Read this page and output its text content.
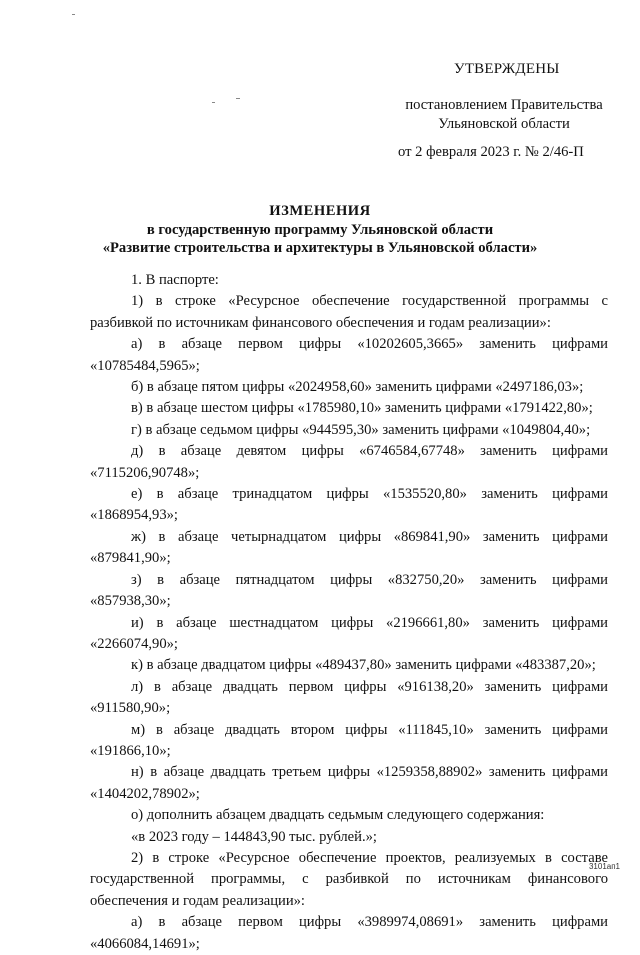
УТВЕРЖДЕНЫ
постановлением Правительства
Ульяновской области
от 2 февраля 2023 г. № 2/46-П
ИЗМЕНЕНИЯ
в государственную программу Ульяновской области
«Развитие строительства и архитектуры в Ульяновской области»
1. В паспорте:
1) в строке «Ресурсное обеспечение государственной программы с разбивкой по источникам финансового обеспечения и годам реализации»:
а) в абзаце первом цифры «10202605,3665» заменить цифрами «10785484,5965»;
б) в абзаце пятом цифры «2024958,60» заменить цифрами «2497186,03»;
в) в абзаце шестом цифры «1785980,10» заменить цифрами «1791422,80»;
г) в абзаце седьмом цифры «944595,30» заменить цифрами «1049804,40»;
д) в абзаце девятом цифры «6746584,67748» заменить цифрами «7115206,90748»;
е) в абзаце тринадцатом цифры «1535520,80» заменить цифрами «1868954,93»;
ж) в абзаце четырнадцатом цифры «869841,90» заменить цифрами «879841,90»;
з) в абзаце пятнадцатом цифры «832750,20» заменить цифрами «857938,30»;
и) в абзаце шестнадцатом цифры «2196661,80» заменить цифрами «2266074,90»;
к) в абзаце двадцатом цифры «489437,80» заменить цифрами «483387,20»;
л) в абзаце двадцать первом цифры «916138,20» заменить цифрами «911580,90»;
м) в абзаце двадцать втором цифры «111845,10» заменить цифрами «191866,10»;
н) в абзаце двадцать третьем цифры «1259358,88902» заменить цифрами «1404202,78902»;
о) дополнить абзацем двадцать седьмым следующего содержания:
«в 2023 году – 144843,90 тыс. рублей.»;
2) в строке «Ресурсное обеспечение проектов, реализуемых в составе государственной программы, с разбивкой по источникам финансового обеспечения и годам реализации»:
а) в абзаце первом цифры «3989974,08691» заменить цифрами «4066084,14691»;
3101ап1
